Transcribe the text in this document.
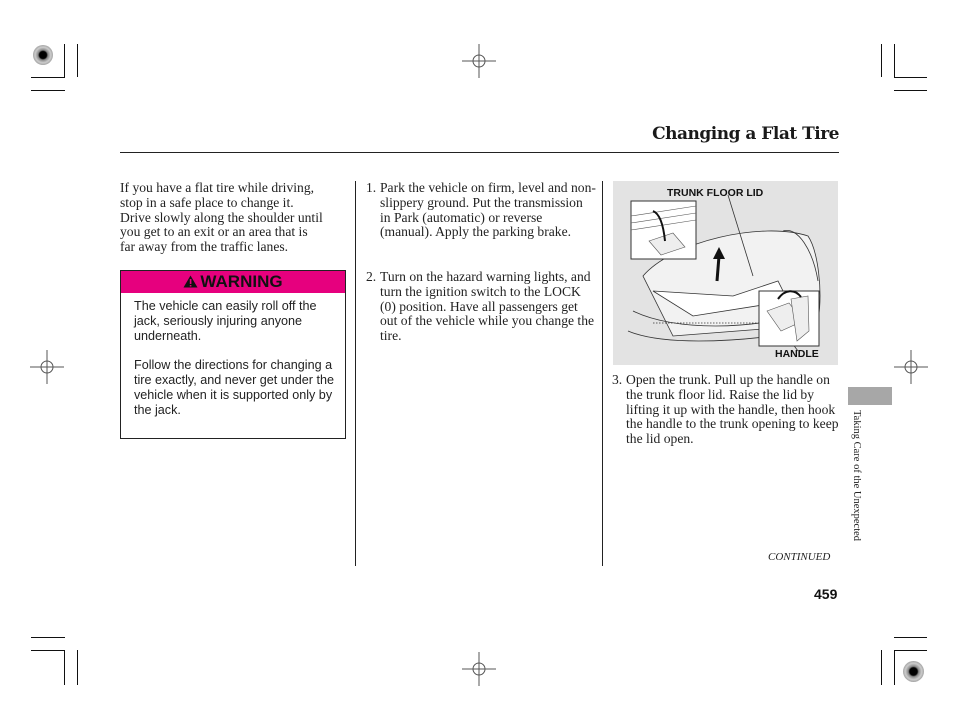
Changing a Flat Tire
If you have a flat tire while driving,
stop in a safe place to change it.
Drive slowly along the shoulder until
you get to an exit or an area that is
far away from the traffic lanes.
WARNING

The vehicle can easily roll off the jack, seriously injuring anyone underneath.

Follow the directions for changing a tire exactly, and never get under the vehicle when it is supported only by the jack.

1. Park the vehicle on firm, level and non-slippery ground. Put the transmission in Park (automatic) or reverse (manual). Apply the parking brake.
2. Turn on the hazard warning lights, and turn the ignition switch to the LOCK (0) position. Have all passengers get out of the vehicle while you change the tire.
TRUNK FLOOR LID
HANDLE
3. Open the trunk. Pull up the handle on the trunk floor lid. Raise the lid by lifting it up with the handle, then hook the handle to the trunk opening to keep the lid open.	Taking Care of the Unexpected
CONTINUED
459
